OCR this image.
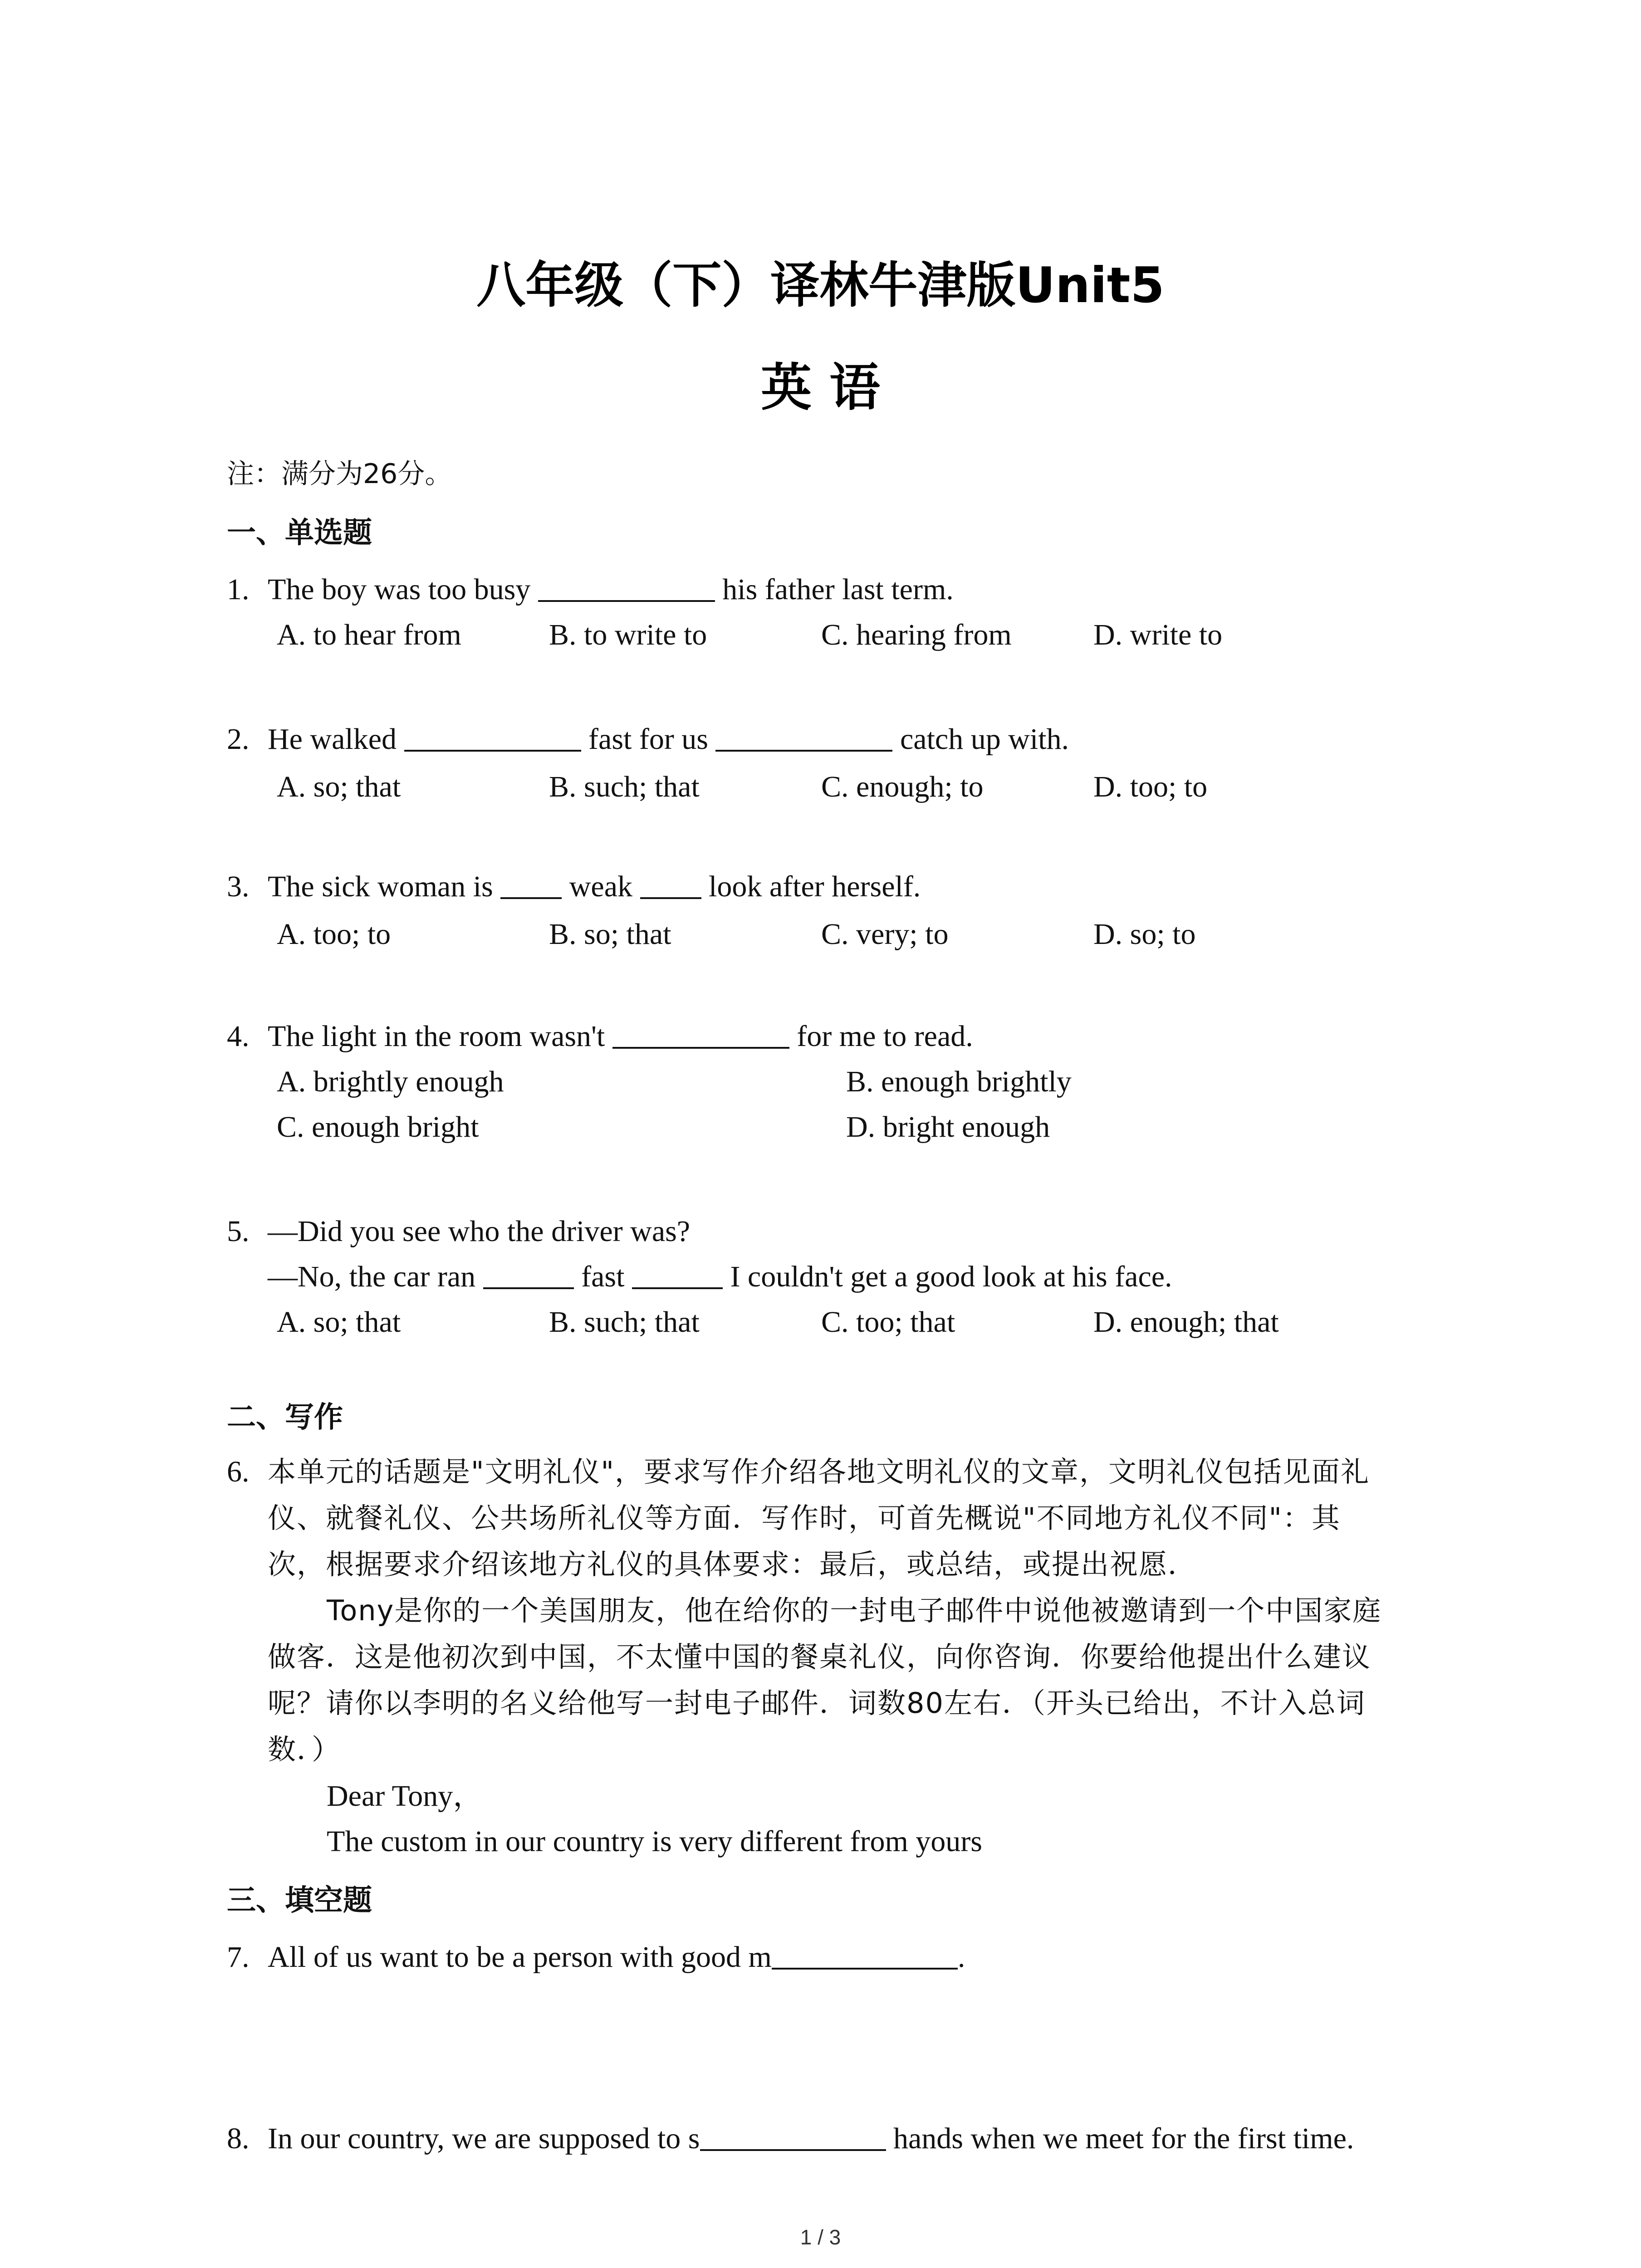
八年级（下）译林牛津版Unit5
英 语
注：满分为26分。
一、单选题
1. The boy was too busy	his father last term.
A. to hear from	B. to write to	C. hearing from	D. write to
2. He walked	fast for us	catch up with.
A. so; that	B. such; that	C. enough; to	D. too; to
3. The sick woman is  weak  look after herself.
A. too; to	B. so; that	C. very; to	D. so; to
4. The light in the room wasn't	for me to read.
A. brightly enough	B. enough brightly
C. enough bright	D. bright enough
5. —Did you see who the driver was?
—No, the car ran	fast	I couldn't get a good look at his face.
A. so; that	B. such; that	C. too; that	D. enough; that
二、写作
6. 本单元的话题是"文明礼仪"，要求写作介绍各地文明礼仪的文章，文明礼仪包括见面礼
仪、就餐礼仪、公共场所礼仪等方面．写作时，可首先概说"不同地方礼仪不同"：其
次，根据要求介绍该地方礼仪的具体要求：最后，或总结，或提出祝愿．
Tony是你的一个美国朋友，他在给你的一封电子邮件中说他被邀请到一个中国家庭
做客．这是他初次到中国，不太懂中国的餐桌礼仪，向你咨询．你要给他提出什么建议
呢？请你以李明的名义给他写一封电子邮件．词数80左右．（开头已给出，不计入总词
数．）
Dear Tony，
The custom in our country is very different from yours
三、填空题
7. All of us want to be a person with good m	.
8. In our country, we are supposed to s	hands when we meet for the first time.
1 / 3
